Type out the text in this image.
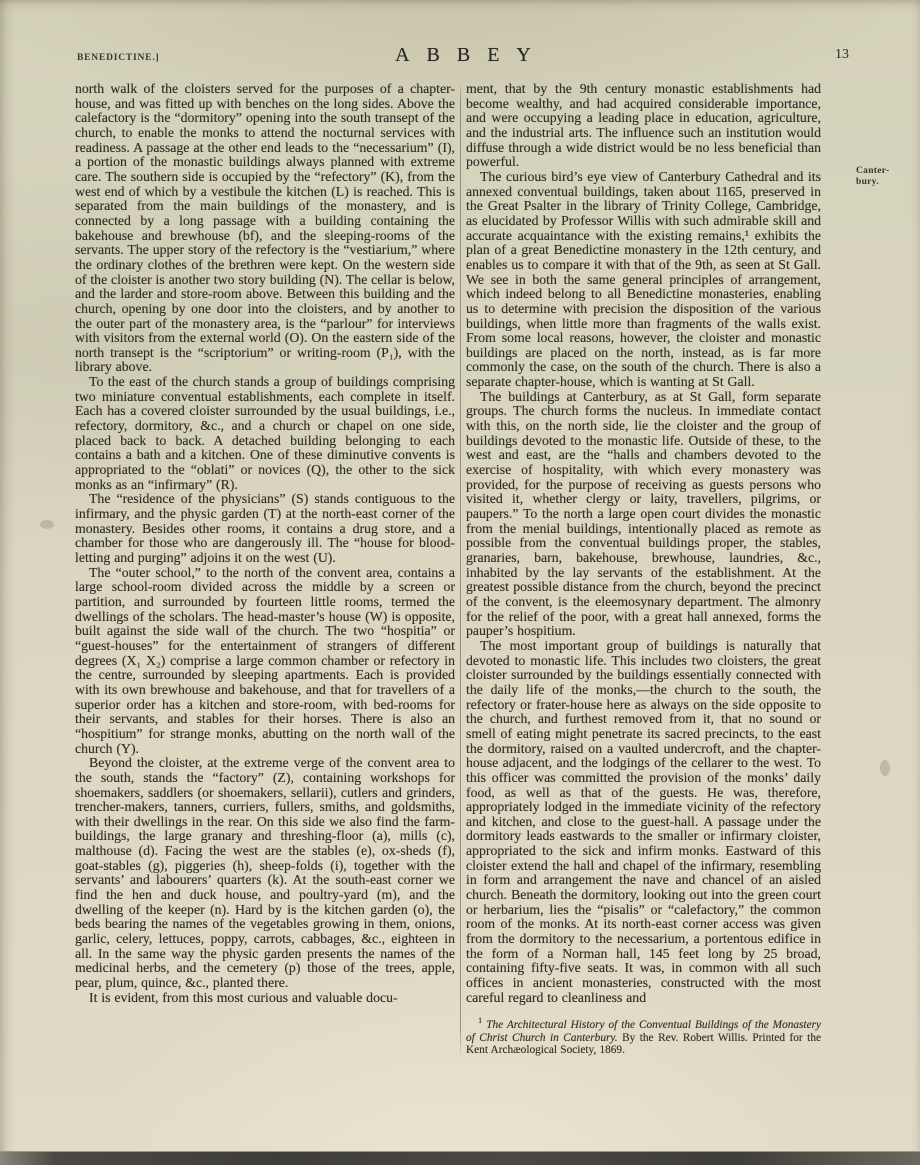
BENEDICTINE.]	ABBEY	13

north walk of the cloisters served for the purposes of a chapter-house, and was fitted up with benches on the long sides. Above the calefactory is the “dormitory” opening into the south transept of the church, to enable the monks to attend the nocturnal services with readiness. A passage at the other end leads to the “necessarium” (I), a portion of the monastic buildings always planned with extreme care. The southern side is occupied by the “refectory” (K), from the west end of which by a vestibule the kitchen (L) is reached. This is separated from the main buildings of the monastery, and is connected by a long passage with a building containing the bakehouse and brewhouse (bf), and the sleeping-rooms of the servants. The upper story of the refectory is the “vestiarium,” where the ordinary clothes of the brethren were kept. On the western side of the cloister is another two story building (N). The cellar is below, and the larder and store-room above. Between this building and the church, opening by one door into the cloisters, and by another to the outer part of the monastery area, is the “parlour” for interviews with visitors from the external world (O). On the eastern side of the north transept is the “scriptorium” or writing-room (P₁), with the library above.

To the east of the church stands a group of buildings comprising two miniature conventual establishments, each complete in itself. Each has a covered cloister surrounded by the usual buildings, i.e., refectory, dormitory, &c., and a church or chapel on one side, placed back to back. A detached building belonging to each contains a bath and a kitchen. One of these diminutive convents is appropriated to the “oblati” or novices (Q), the other to the sick monks as an “infirmary” (R).

The “residence of the physicians” (S) stands contiguous to the infirmary, and the physic garden (T) at the north-east corner of the monastery. Besides other rooms, it contains a drug store, and a chamber for those who are dangerously ill. The “house for blood-letting and purging” adjoins it on the west (U).

The “outer school,” to the north of the convent area, contains a large school-room divided across the middle by a screen or partition, and surrounded by fourteen little rooms, termed the dwellings of the scholars. The head-master’s house (W) is opposite, built against the side wall of the church. The two “hospitia” or “guest-houses” for the entertainment of strangers of different degrees (X₁ X₂) comprise a large common chamber or refectory in the centre, surrounded by sleeping apartments. Each is provided with its own brewhouse and bakehouse, and that for travellers of a superior order has a kitchen and store-room, with bed-rooms for their servants, and stables for their horses. There is also an “hospitium” for strange monks, abutting on the north wall of the church (Y).

Beyond the cloister, at the extreme verge of the convent area to the south, stands the “factory” (Z), containing workshops for shoemakers, saddlers (or shoemakers, sellarii), cutlers and grinders, trencher-makers, tanners, curriers, fullers, smiths, and goldsmiths, with their dwellings in the rear. On this side we also find the farm-buildings, the large granary and threshing-floor (a), mills (c), malthouse (d). Facing the west are the stables (e), ox-sheds (f), goat-stables (g), piggeries (h), sheep-folds (i), together with the servants’ and labourers’ quarters (k). At the south-east corner we find the hen and duck house, and poultry-yard (m), and the dwelling of the keeper (n). Hard by is the kitchen garden (o), the beds bearing the names of the vegetables growing in them, onions, garlic, celery, lettuces, poppy, carrots, cabbages, &c., eighteen in all. In the same way the physic garden presents the names of the medicinal herbs, and the cemetery (p) those of the trees, apple, pear, plum, quince, &c., planted there.

It is evident, from this most curious and valuable docu-

ment, that by the 9th century monastic establishments had become wealthy, and had acquired considerable importance, and were occupying a leading place in education, agriculture, and the industrial arts. The influence such an institution would diffuse through a wide district would be no less beneficial than powerful.

The curious bird’s eye view of Canterbury Cathedral and its annexed conventual buildings, taken about 1165, preserved in the Great Psalter in the library of Trinity College, Cambridge, as elucidated by Professor Willis with such admirable skill and accurate acquaintance with the existing remains,¹ exhibits the plan of a great Benedictine monastery in the 12th century, and enables us to compare it with that of the 9th, as seen at St Gall. We see in both the same general principles of arrangement, which indeed belong to all Benedictine monasteries, enabling us to determine with precision the disposition of the various buildings, when little more than fragments of the walls exist. From some local reasons, however, the cloister and monastic buildings are placed on the north, instead, as is far more commonly the case, on the south of the church. There is also a separate chapter-house, which is wanting at St Gall.

The buildings at Canterbury, as at St Gall, form separate groups. The church forms the nucleus. In immediate contact with this, on the north side, lie the cloister and the group of buildings devoted to the monastic life. Outside of these, to the west and east, are the “halls and chambers devoted to the exercise of hospitality, with which every monastery was provided, for the purpose of receiving as guests persons who visited it, whether clergy or laity, travellers, pilgrims, or paupers.” To the north a large open court divides the monastic from the menial buildings, intentionally placed as remote as possible from the conventual buildings proper, the stables, granaries, barn, bakehouse, brewhouse, laundries, &c., inhabited by the lay servants of the establishment. At the greatest possible distance from the church, beyond the precinct of the convent, is the eleemosynary department. The almonry for the relief of the poor, with a great hall annexed, forms the pauper’s hospitium.

The most important group of buildings is naturally that devoted to monastic life. This includes two cloisters, the great cloister surrounded by the buildings essentially connected with the daily life of the monks,—the church to the south, the refectory or frater-house here as always on the side opposite to the church, and furthest removed from it, that no sound or smell of eating might penetrate its sacred precincts, to the east the dormitory, raised on a vaulted undercroft, and the chapter-house adjacent, and the lodgings of the cellarer to the west. To this officer was committed the provision of the monks’ daily food, as well as that of the guests. He was, therefore, appropriately lodged in the immediate vicinity of the refectory and kitchen, and close to the guest-hall. A passage under the dormitory leads eastwards to the smaller or infirmary cloister, appropriated to the sick and infirm monks. Eastward of this cloister extend the hall and chapel of the infirmary, resembling in form and arrangement the nave and chancel of an aisled church. Beneath the dormitory, looking out into the green court or herbarium, lies the “pisalis” or “calefactory,” the common room of the monks. At its north-east corner access was given from the dormitory to the necessarium, a portentous edifice in the form of a Norman hall, 145 feet long by 25 broad, containing fifty-five seats. It was, in common with all such offices in ancient monasteries, constructed with the most careful regard to cleanliness and

$^1$ The Architectural History of the Conventual Buildings of the Monastery of Christ Church in Canterbury. By the Rev. Robert Willis. Printed for the Kent Archæological Society, 1869.
Canter-bury.
